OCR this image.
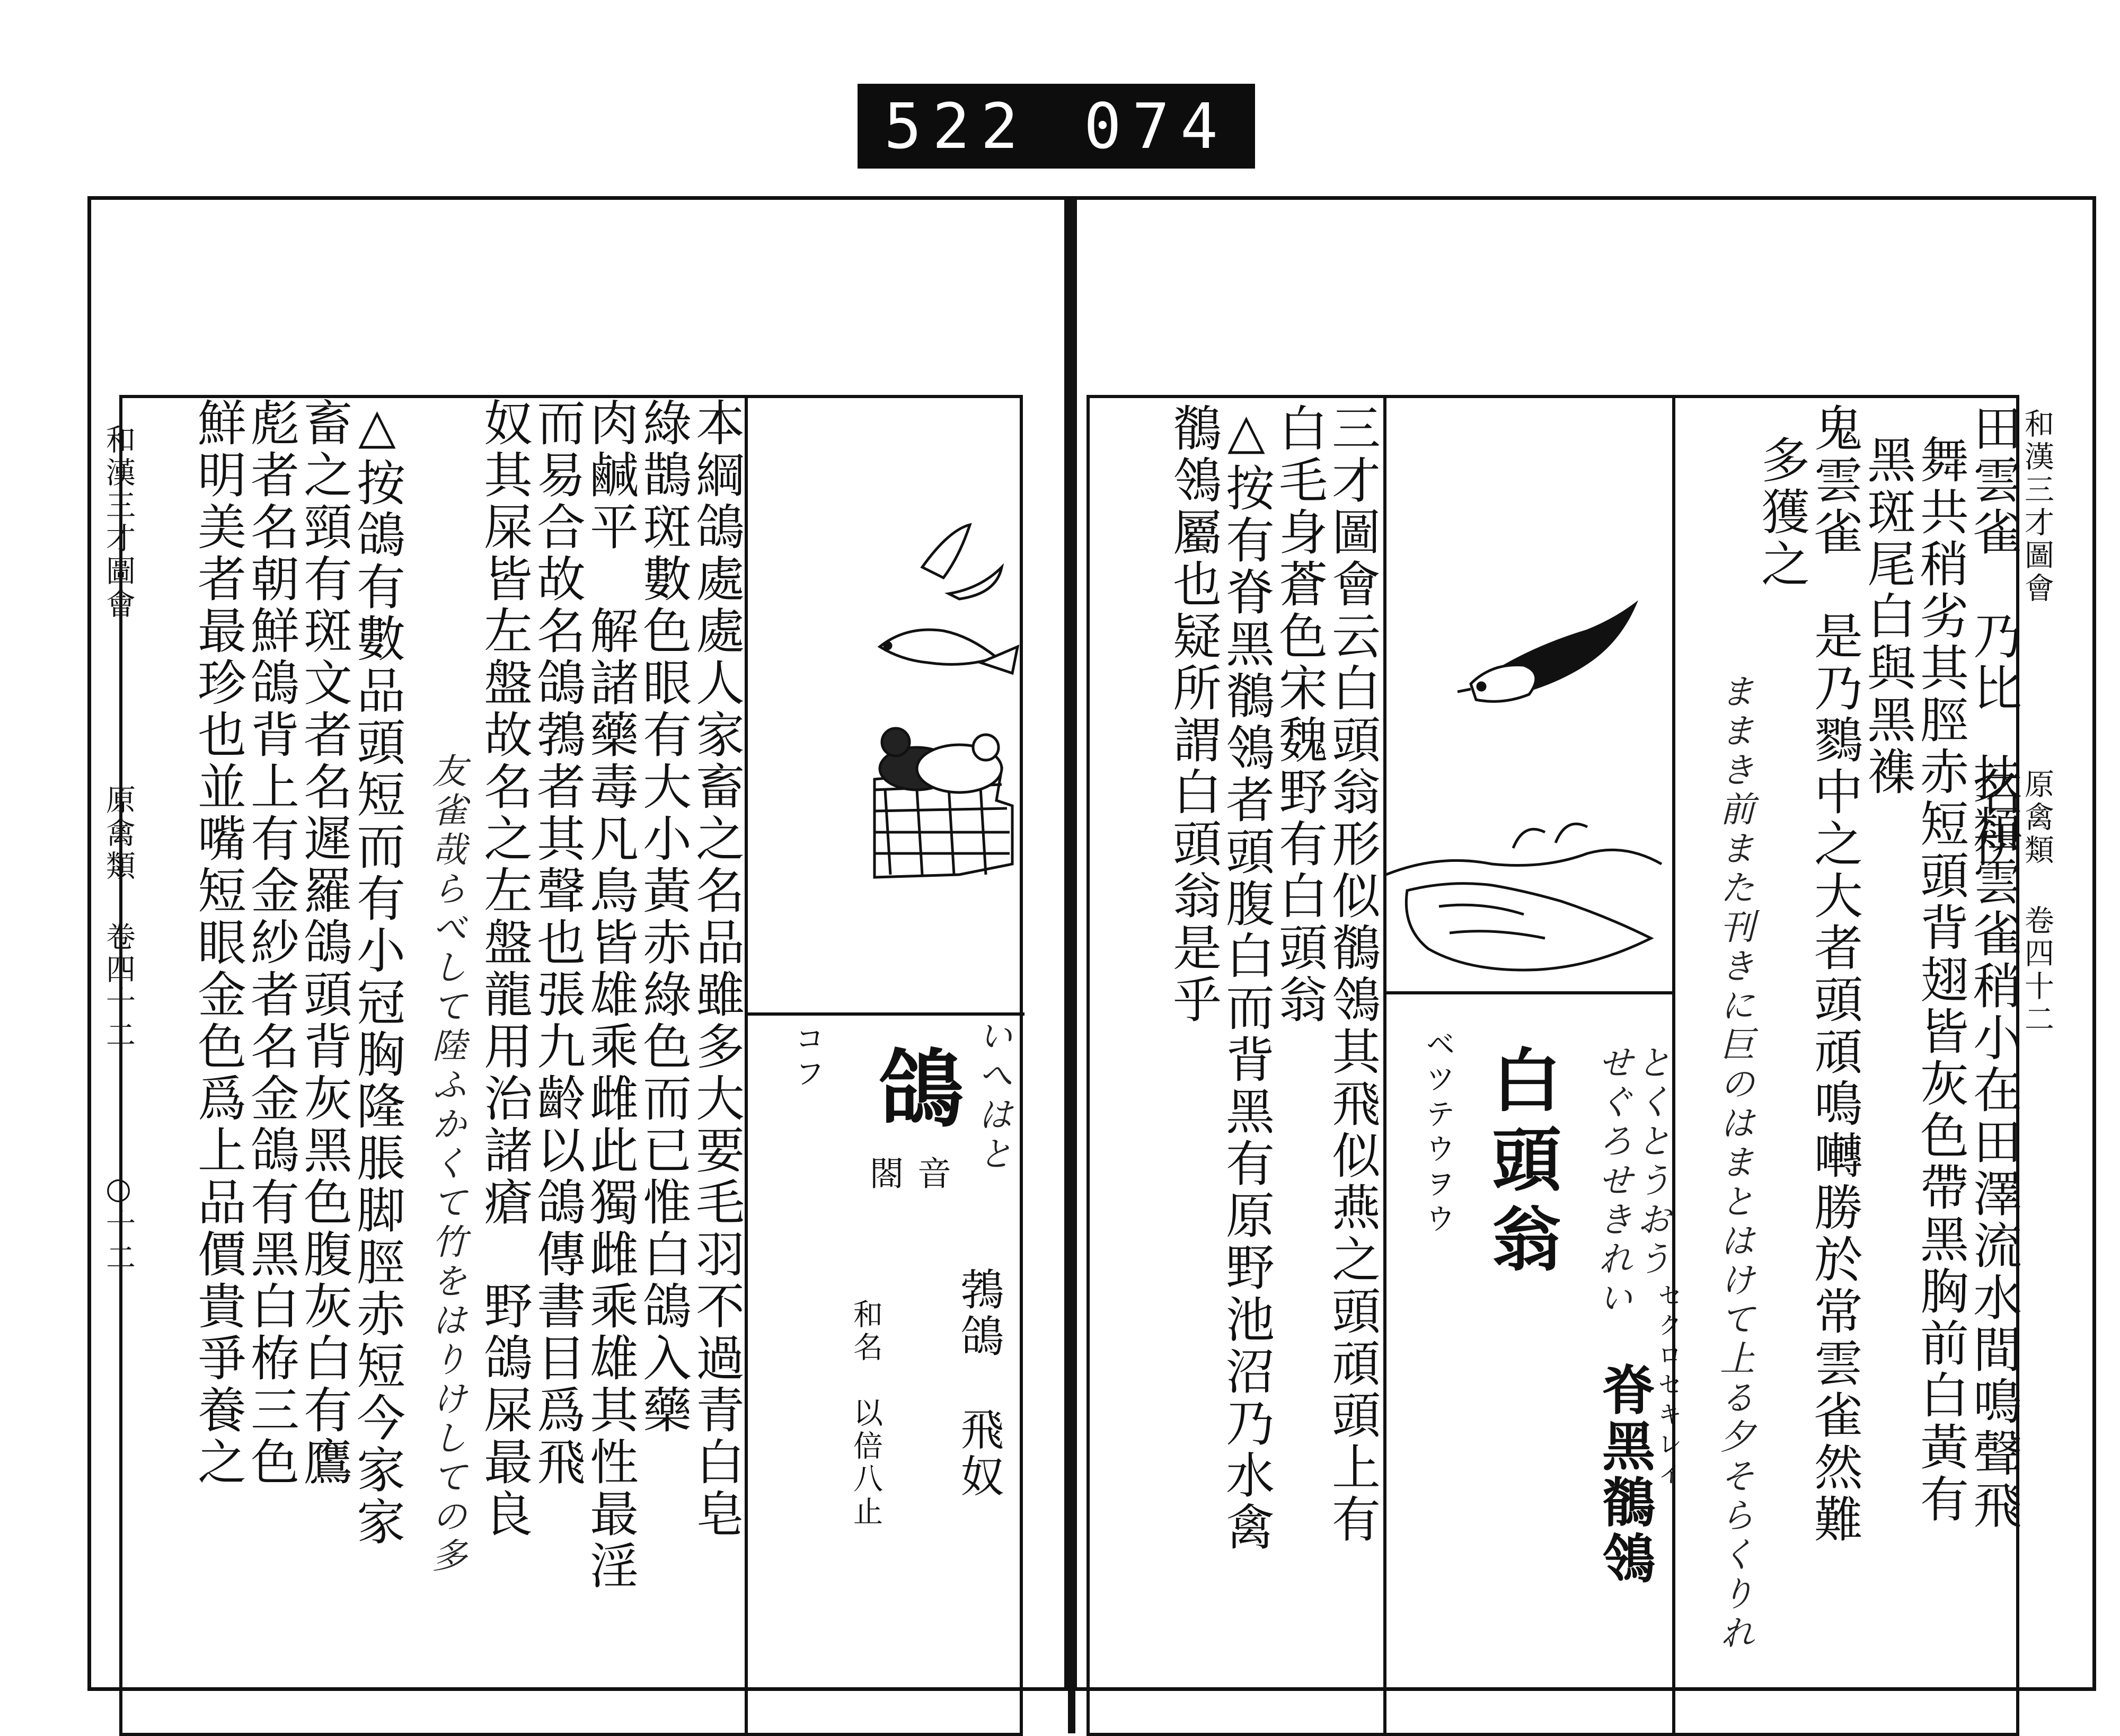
522 074
和漢三才圖會
原禽類 卷四十二
○十二
鴿
音
閤
コフ	いへはと
鵓鴿　飛奴
和名　以倍八止
本綱鴿處處人家畜之名品雖多大要毛羽不過青白皂
綠鵲斑數色眼有大小黃赤綠色而已惟白鴿入藥
肉鹹平　解諸藥毒凡鳥皆雄乘雌此獨雌乘雄其性最淫
而易合故名鴿鵓者其聲也張九齡以鴿傳書目爲飛
奴其屎皆左盤故名之左盤龍用治諸瘡　野鴿屎最良
友雀哉らべして陸ふかくて竹をはりけしての多
△按鴿有數品頭短而有小冠胸隆脹脚脛赤短今家家
畜之頸有斑文者名遲羅鴿頭背灰黑色腹灰白有鷹
彪者名朝鮮鴿背上有金紗者名金鴿有黑白栫三色
鮮明美者最珍也並嘴短眼金色爲上品價貴爭養之	和漢三才圖會
原禽類 卷四十二
白頭翁
ベツテウヲウ	とくとうおう せぐろせきれい
脊黑鶺鴒
セクロセキレイ
田雲雀　乃比　名伊
扶類雲雀稍小在田澤流水間鳴聲飛
舞共稍劣其脛赤短頭背翅皆灰色帶黑胸前白黃有
黑斑尾白與黑襍
鬼雲雀　是乃鷚中之大者頭頑鳴囀勝於常雲雀然難
多獲之
ままき前また刊きに巨のはまとはけて上る夕そらくりれ
三才圖會云白頭翁形似鶺鴒其飛似燕之頭頑頭上有
白毛身蒼色宋魏野有白頭翁
△按有脊黑鶺鴒者頭腹白而背黑有原野池沼乃水禽
鶺鴒屬也疑所謂白頭翁是乎
